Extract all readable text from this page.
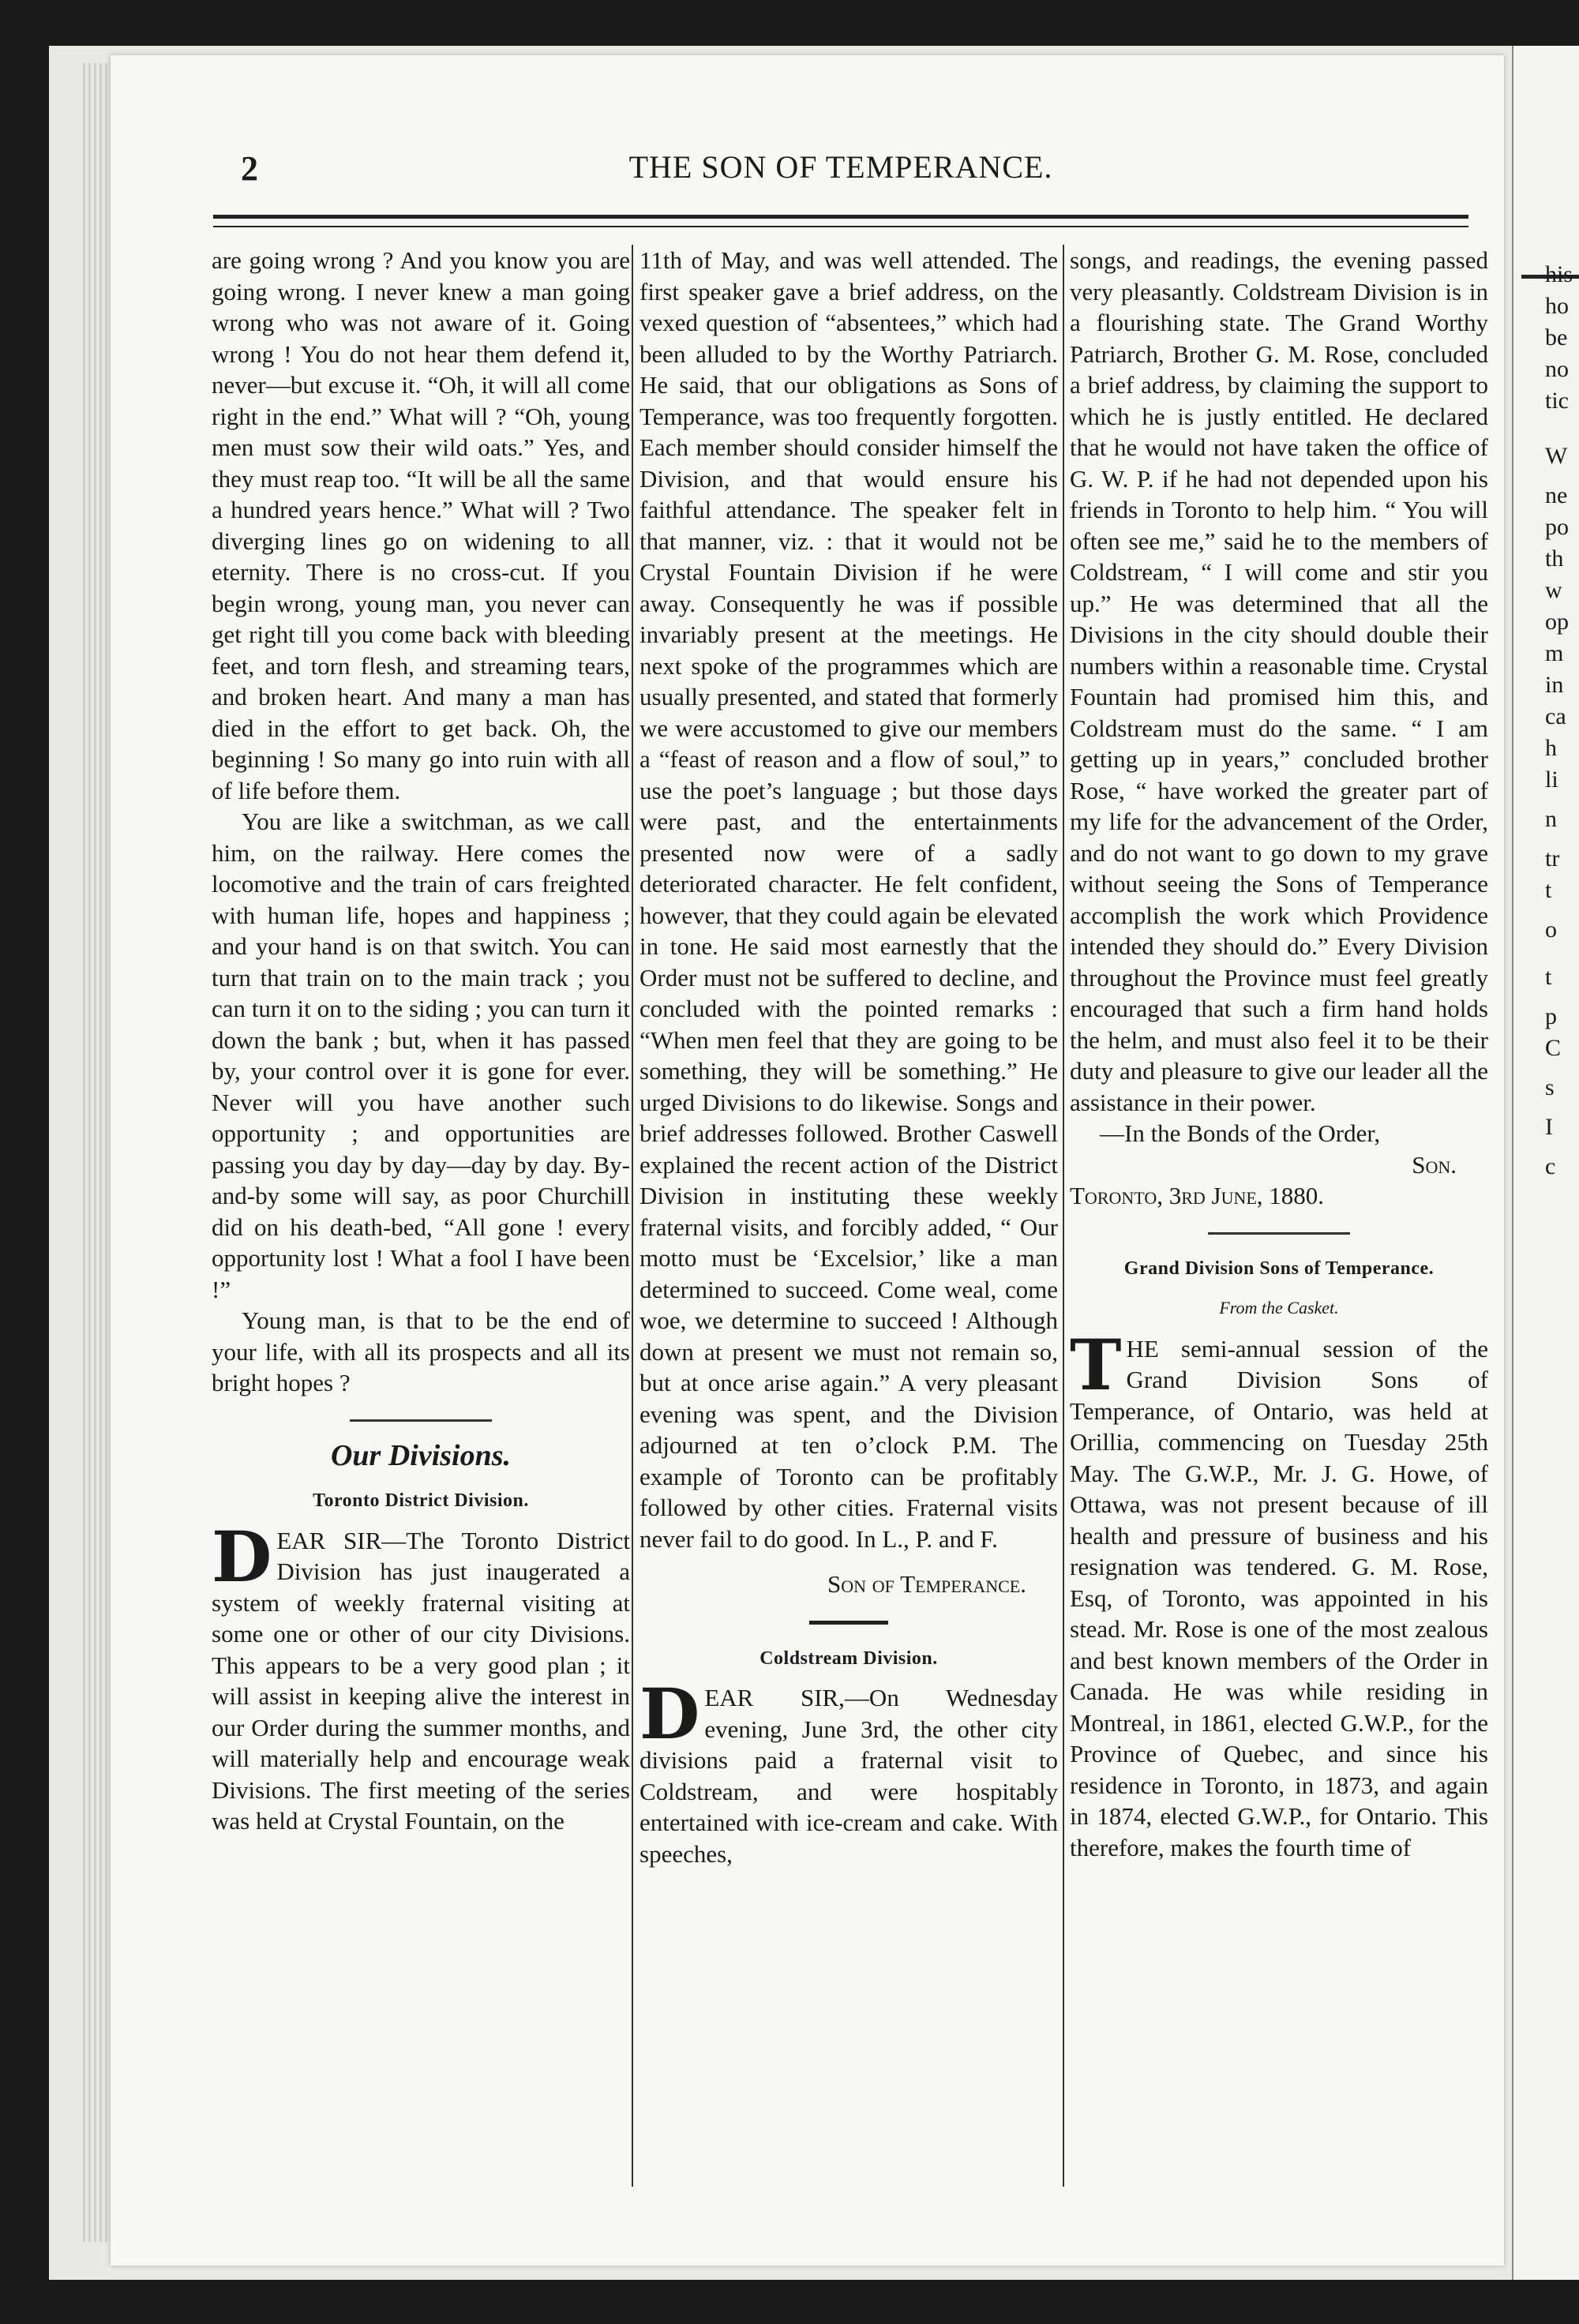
his
ho
be
no
tic
W
ne
po
th
w
op
m
in
ca
h
li
n
tr
t
o
t
p
C
s
I
c
2	THE SON OF TEMPERANCE.

are going wrong ? And you know you are going wrong. I never knew a man going wrong who was not aware of it. Going wrong ! You do not hear them defend it, never—but excuse it. “Oh, it will all come right in the end.” What will ? “Oh, young men must sow their wild oats.” Yes, and they must reap too. “It will be all the same a hundred years hence.” What will ? Two diverging lines go on widening to all eternity. There is no cross-cut. If you begin wrong, young man, you never can get right till you come back with bleeding feet, and torn flesh, and streaming tears, and broken heart. And many a man has died in the effort to get back. Oh, the beginning ! So many go into ruin with all of life before them.

You are like a switchman, as we call him, on the railway. Here comes the locomotive and the train of cars freighted with human life, hopes and happiness ; and your hand is on that switch. You can turn that train on to the main track ; you can turn it on to the siding ; you can turn it down the bank ; but, when it has passed by, your control over it is gone for ever. Never will you have another such opportunity ; and opportunities are passing you day by day—day by day. By-and-by some will say, as poor Churchill did on his death-bed, “All gone ! every opportunity lost ! What a fool I have been !”

Young man, is that to be the end of your life, with all its prospects and all its bright hopes ?

Our Divisions.
Toronto District Division.

DEAR SIR—The Toronto District Division has just inaugerated a system of weekly fraternal visiting at some one or other of our city Divisions. This appears to be a very good plan ; it will assist in keeping alive the interest in our Order during the summer months, and will materially help and encourage weak Divisions. The first meeting of the series was held at Crystal Fountain, on the

11th of May, and was well attended. The first speaker gave a brief address, on the vexed question of “absentees,” which had been alluded to by the Worthy Patriarch. He said, that our obligations as Sons of Temperance, was too frequently forgotten. Each member should consider himself the Division, and that would ensure his faithful attendance. The speaker felt in that manner, viz. : that it would not be Crystal Fountain Division if he were away. Consequently he was if possible invariably present at the meetings. He next spoke of the programmes which are usually presented, and stated that formerly we were accustomed to give our members a “feast of reason and a flow of soul,” to use the poet’s language ; but those days were past, and the entertainments presented now were of a sadly deteriorated character. He felt confident, however, that they could again be elevated in tone. He said most earnestly that the Order must not be suffered to decline, and concluded with the pointed remarks : “When men feel that they are going to be something, they will be something.” He urged Divisions to do likewise. Songs and brief addresses followed. Brother Caswell explained the recent action of the District Division in instituting these weekly fraternal visits, and forcibly added, “ Our motto must be ‘Excelsior,’ like a man determined to succeed. Come weal, come woe, we determine to succeed ! Although down at present we must not remain so, but at once arise again.” A very pleasant evening was spent, and the Division adjourned at ten o’clock P.M. The example of Toronto can be profitably followed by other cities. Fraternal visits never fail to do good. In L., P. and F.

Son of Temperance.

Coldstream Division.

DEAR SIR,—On Wednesday evening, June 3rd, the other city divisions paid a fraternal visit to Coldstream, and were hospitably entertained with ice-cream and cake. With speeches,

songs, and readings, the evening passed very pleasantly. Coldstream Division is in a flourishing state. The Grand Worthy Patriarch, Brother G. M. Rose, concluded a brief address, by claiming the support to which he is justly entitled. He declared that he would not have taken the office of G. W. P. if he had not depended upon his friends in Toronto to help him. “ You will often see me,” said he to the members of Coldstream, “ I will come and stir you up.” He was determined that all the Divisions in the city should double their numbers within a reasonable time. Crystal Fountain had promised him this, and Coldstream must do the same. “ I am getting up in years,” concluded brother Rose, “ have worked the greater part of my life for the advancement of the Order, and do not want to go down to my grave without seeing the Sons of Temperance accomplish the work which Providence intended they should do.” Every Division throughout the Province must feel greatly encouraged that such a firm hand holds the helm, and must also feel it to be their duty and pleasure to give our leader all the assistance in their power.

—In the Bonds of the Order,

Son.

Toronto, 3rd June, 1880.

Grand Division Sons of Temperance.
From the Casket.

THE semi-annual session of the Grand Division Sons of Temperance, of Ontario, was held at Orillia, commencing on Tuesday 25th May. The G.W.P., Mr. J. G. Howe, of Ottawa, was not present because of ill health and pressure of business and his resignation was tendered. G. M. Rose, Esq, of Toronto, was appointed in his stead. Mr. Rose is one of the most zealous and best known members of the Order in Canada. He was while residing in Montreal, in 1861, elected G.W.P., for the Province of Quebec, and since his residence in Toronto, in 1873, and again in 1874, elected G.W.P., for Ontario. This therefore, makes the fourth time of
